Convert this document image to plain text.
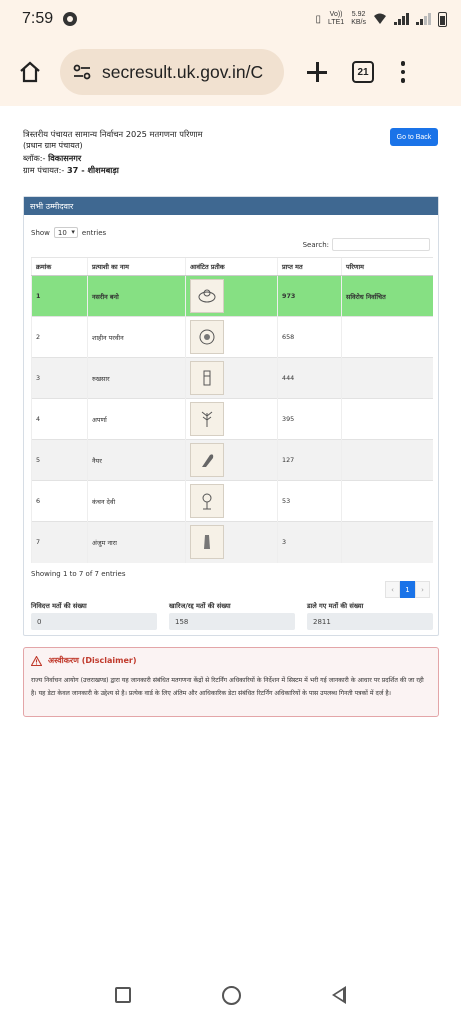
7:59	▯ Vo))
LTE1
5.92
KB/s
secresult.uk.gov.in/C	21
त्रिस्तरीय पंचायत सामान्य निर्वाचन 2025 मतगणना परिणाम
(प्रधान ग्राम पंचायत)
ब्लॉक:- विकासनगर
ग्राम पंचायत:- 37 - शीशमबाड़ा
Go to Back
सभी उम्मीदवार
Show	10 ▾	entries
Search:
क्रमांक	प्रत्याशी का नाम	आवंटित प्रतीक	प्राप्त मत	परिणाम
1	नसरीन बनो		973	सविरोध निर्वाचित
2	शाहीन परवीन		658	
3	रुखसार		444	
4	अपर्णा		395	
5	नैयर		127	
6	कंचन देवी		53	
7	अंजुम नारा		3	
Showing 1 to 7 of 7 entries
‹	1	›
निविदत्त मतों की संख्या
0
खारिज/रद्द मतों की संख्या
158
डाले गए मतों की संख्या
2811
अस्वीकरण (Disclaimer)
राज्य निर्वाचन आयोग (उत्तराखण्ड) द्वारा यह जानकारी संबंधित मतगणना केंद्रों से रिटर्निंग अधिकारियों के निर्देशन में सिस्टम में भरी गई जानकारी के आधार पर प्रदर्शित की जा रही है। यह डेटा केवल जानकारी के उद्देश्य से है। प्रत्येक वार्ड के लिए अंतिम और आधिकारिक डेटा संबंधित रिटर्निंग अधिकारियों के पास उपलब्ध गिनती पत्रकों में दर्ज है।
